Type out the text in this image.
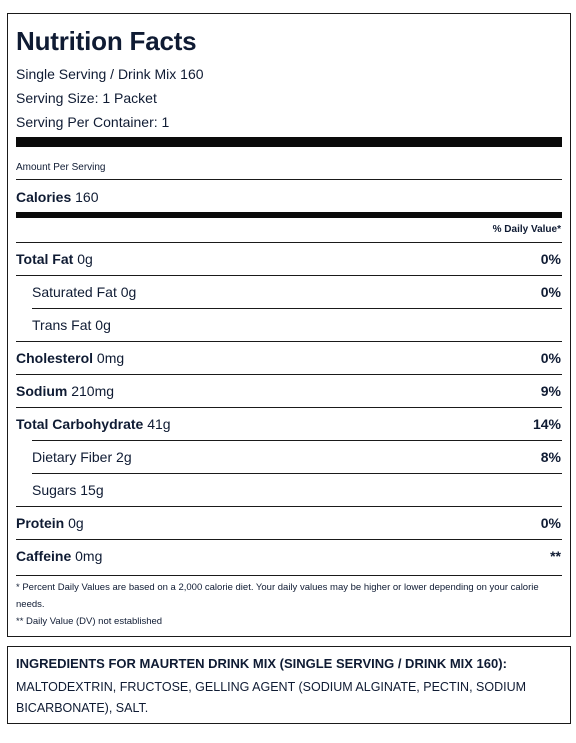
Nutrition Facts
Single Serving / Drink Mix 160
Serving Size: 1 Packet
Serving Per Container: 1
Amount Per Serving
Calories 160
% Daily Value*
Total Fat 0g	0%
Saturated Fat 0g	0%
Trans Fat 0g
Cholesterol 0mg	0%
Sodium 210mg	9%
Total Carbohydrate 41g	14%
Dietary Fiber 2g	8%
Sugars 15g
Protein 0g	0%
Caffeine 0mg	**
* Percent Daily Values are based on a 2,000 calorie diet. Your daily values may be higher or lower depending on your calorie needs.
** Daily Value (DV) not established
INGREDIENTS FOR MAURTEN DRINK MIX (SINGLE SERVING / DRINK MIX 160):
MALTODEXTRIN, FRUCTOSE, GELLING AGENT (SODIUM ALGINATE, PECTIN, SODIUM BICARBONATE), SALT.
